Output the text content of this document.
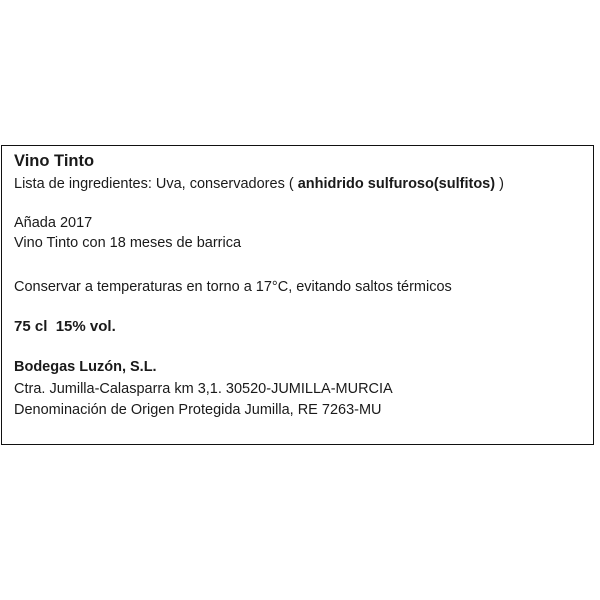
Vino Tinto
Lista de ingredientes: Uva, conservadores ( anhidrido sulfuroso(sulfitos) )
Añada 2017
Vino Tinto con 18 meses de barrica
Conservar a temperaturas en torno a 17°C, evitando saltos térmicos
75 cl 15% vol.
Bodegas Luzón, S.L.
Ctra. Jumilla-Calasparra km 3,1. 30520-JUMILLA-MURCIA
Denominación de Origen Protegida Jumilla, RE 7263-MU
